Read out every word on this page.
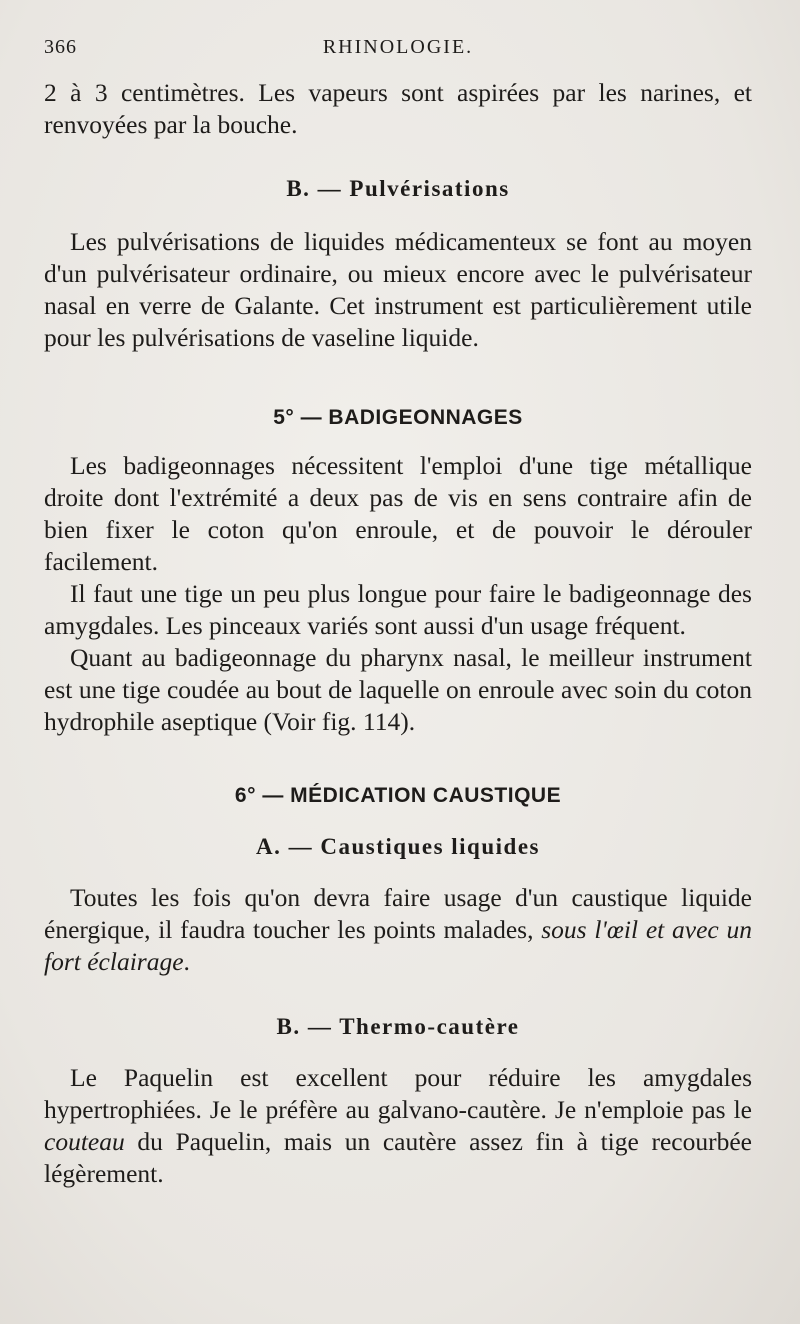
366	RHINOLOGIE.

2 à 3 centimètres. Les vapeurs sont aspirées par les narines, et renvoyées par la bouche.

B. — Pulvérisations

Les pulvérisations de liquides médicamenteux se font au moyen d'un pulvérisateur ordinaire, ou mieux encore avec le pulvérisateur nasal en verre de Galante. Cet instrument est particulièrement utile pour les pulvérisations de vaseline liquide.

5° — BADIGEONNAGES

Les badigeonnages nécessitent l'emploi d'une tige métallique droite dont l'extrémité a deux pas de vis en sens contraire afin de bien fixer le coton qu'on enroule, et de pouvoir le dérouler facilement.

Il faut une tige un peu plus longue pour faire le badigeonnage des amygdales. Les pinceaux variés sont aussi d'un usage fréquent.

Quant au badigeonnage du pharynx nasal, le meilleur instrument est une tige coudée au bout de laquelle on enroule avec soin du coton hydrophile aseptique (Voir fig. 114).

6° — MÉDICATION CAUSTIQUE
A. — Caustiques liquides

Toutes les fois qu'on devra faire usage d'un caustique liquide énergique, il faudra toucher les points malades, sous l'œil et avec un fort éclairage.

B. — Thermo-cautère

Le Paquelin est excellent pour réduire les amygdales hypertrophiées. Je le préfère au galvano-cautère. Je n'emploie pas le couteau du Paquelin, mais un cautère assez fin à tige recourbée légèrement.
